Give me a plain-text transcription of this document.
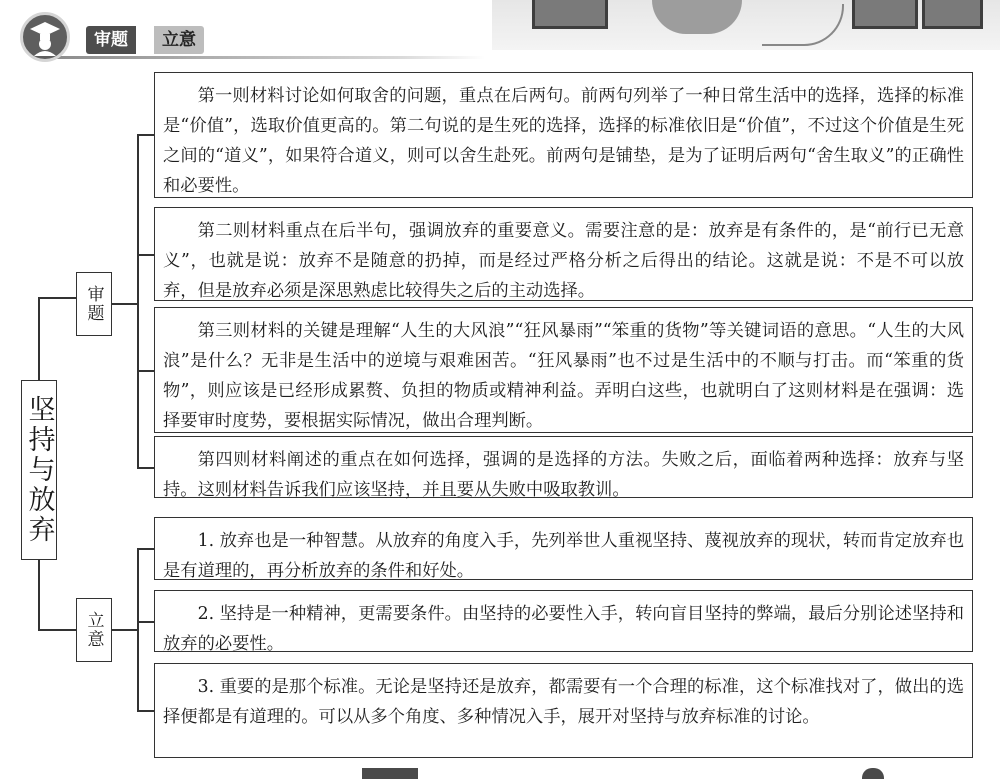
审题	立意
坚持与放弃
审题
立意

第一则材料讨论如何取舍的问题，重点在后两句。前两句列举了一种日常生活中的选择，选择的标准是“价值”，选取价值更高的。第二句说的是生死的选择，选择的标准依旧是“价值”，不过这个价值是生死之间的“道义”，如果符合道义，则可以舍生赴死。前两句是铺垫，是为了证明后两句“舍生取义”的正确性和必要性。

第二则材料重点在后半句，强调放弃的重要意义。需要注意的是：放弃是有条件的，是“前行已无意义”，也就是说：放弃不是随意的扔掉，而是经过严格分析之后得出的结论。这就是说：不是不可以放弃，但是放弃必须是深思熟虑比较得失之后的主动选择。

第三则材料的关键是理解“人生的大风浪”“狂风暴雨”“笨重的货物”等关键词语的意思。“人生的大风浪”是什么？无非是生活中的逆境与艰难困苦。“狂风暴雨”也不过是生活中的不顺与打击。而“笨重的货物”，则应该是已经形成累赘、负担的物质或精神利益。弄明白这些，也就明白了这则材料是在强调：选择要审时度势，要根据实际情况，做出合理判断。

第四则材料阐述的重点在如何选择，强调的是选择的方法。失败之后，面临着两种选择：放弃与坚持。这则材料告诉我们应该坚持，并且要从失败中吸取教训。

1. 放弃也是一种智慧。从放弃的角度入手，先列举世人重视坚持、蔑视放弃的现状，转而肯定放弃也是有道理的，再分析放弃的条件和好处。

2. 坚持是一种精神，更需要条件。由坚持的必要性入手，转向盲目坚持的弊端，最后分别论述坚持和放弃的必要性。

3. 重要的是那个标准。无论是坚持还是放弃，都需要有一个合理的标准，这个标准找对了，做出的选择便都是有道理的。可以从多个角度、多种情况入手，展开对坚持与放弃标准的讨论。
